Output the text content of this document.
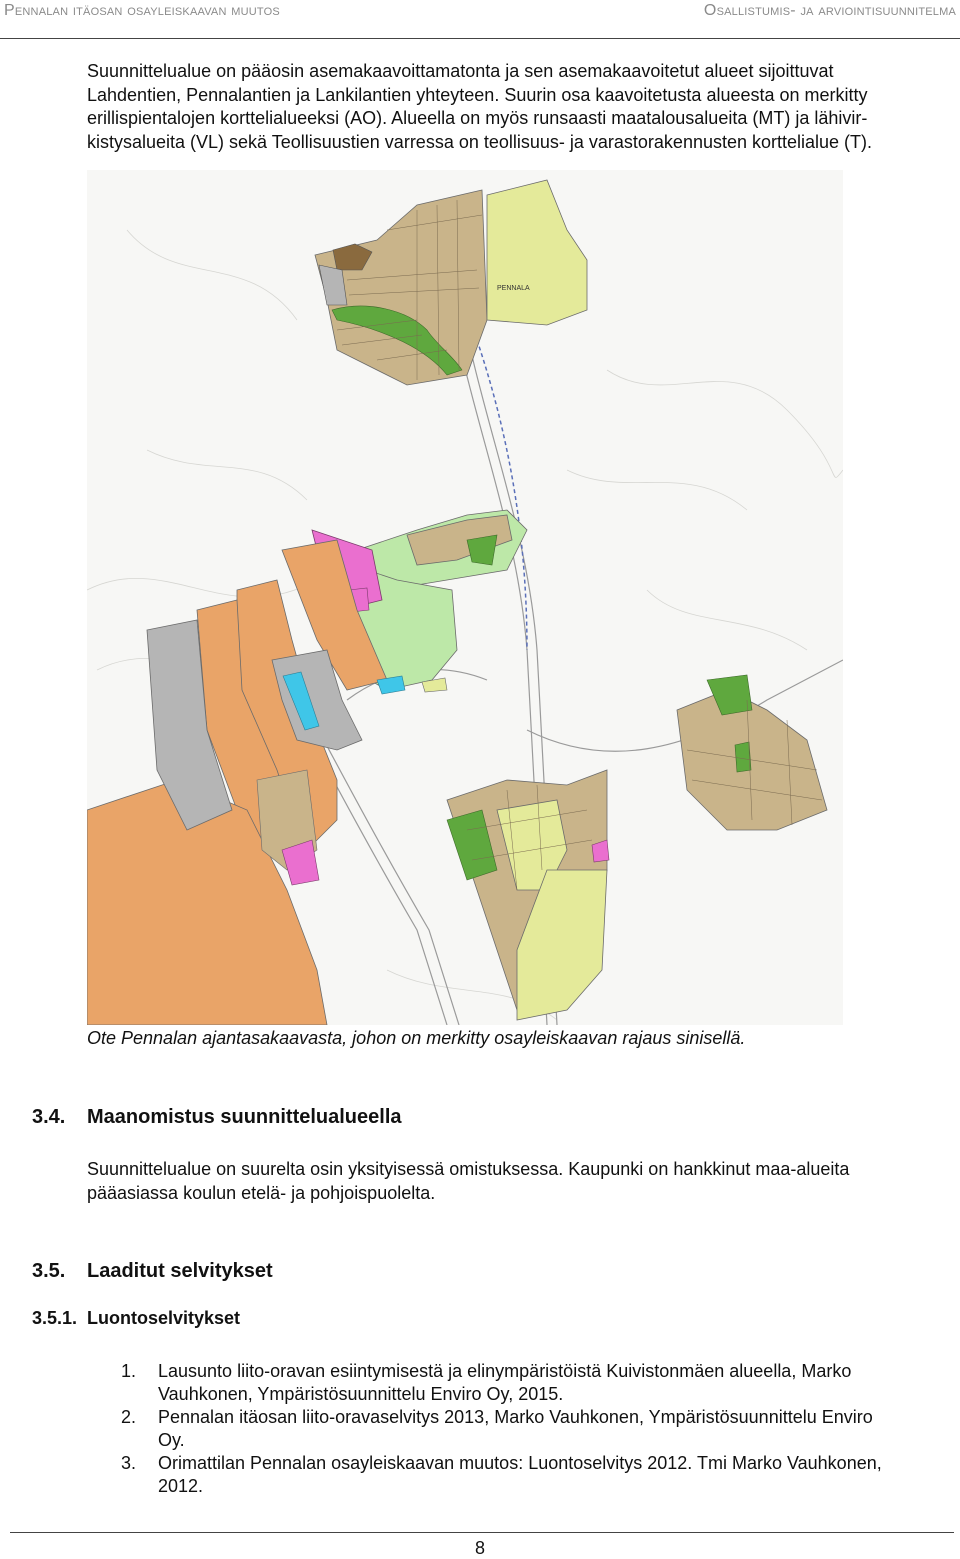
Pennalan itäosan osayleiskaavan muutos	Osallistumis- ja arviointisuunnitelma

Suunnittelualue on pääosin asemakaavoittamatonta ja sen asemakaavoitetut alueet sijoittuvat

Lahdentien, Pennalantien ja Lankilantien yhteyteen. Suurin osa kaavoitetusta alueesta on merkitty

erillispientalojen korttelialueeksi (AO). Alueella on myös runsaasti maatalousalueita (MT) ja lähivir-

kistysalueita (VL) sekä Teollisuustien varressa on teollisuus- ja varastorakennusten korttelialue (T).

PENNALA
Ote Pennalan ajantasakaavasta, johon on merkitty osayleiskaavan rajaus sinisellä.
3.4. Maanomistus suunnittelualueella

Suunnittelualue on suurelta osin yksityisessä omistuksessa. Kaupunki on hankkinut maa-alueita
pääasiassa koulun etelä- ja pohjoispuolelta.

3.5. Laaditut selvitykset
3.5.1. Luontoselvitykset
1. Lausunto liito-oravan esiintymisestä ja elinympäristöistä Kuivistonmäen alueella, Marko
Vauhkonen, Ympäristösuunnittelu Enviro Oy, 2015.
2. Pennalan itäosan liito-oravaselvitys 2013, Marko Vauhkonen, Ympäristösuunnittelu Enviro
Oy.
3. Orimattilan Pennalan osayleiskaavan muutos: Luontoselvitys 2012. Tmi Marko Vauhkonen,
2012.
8
